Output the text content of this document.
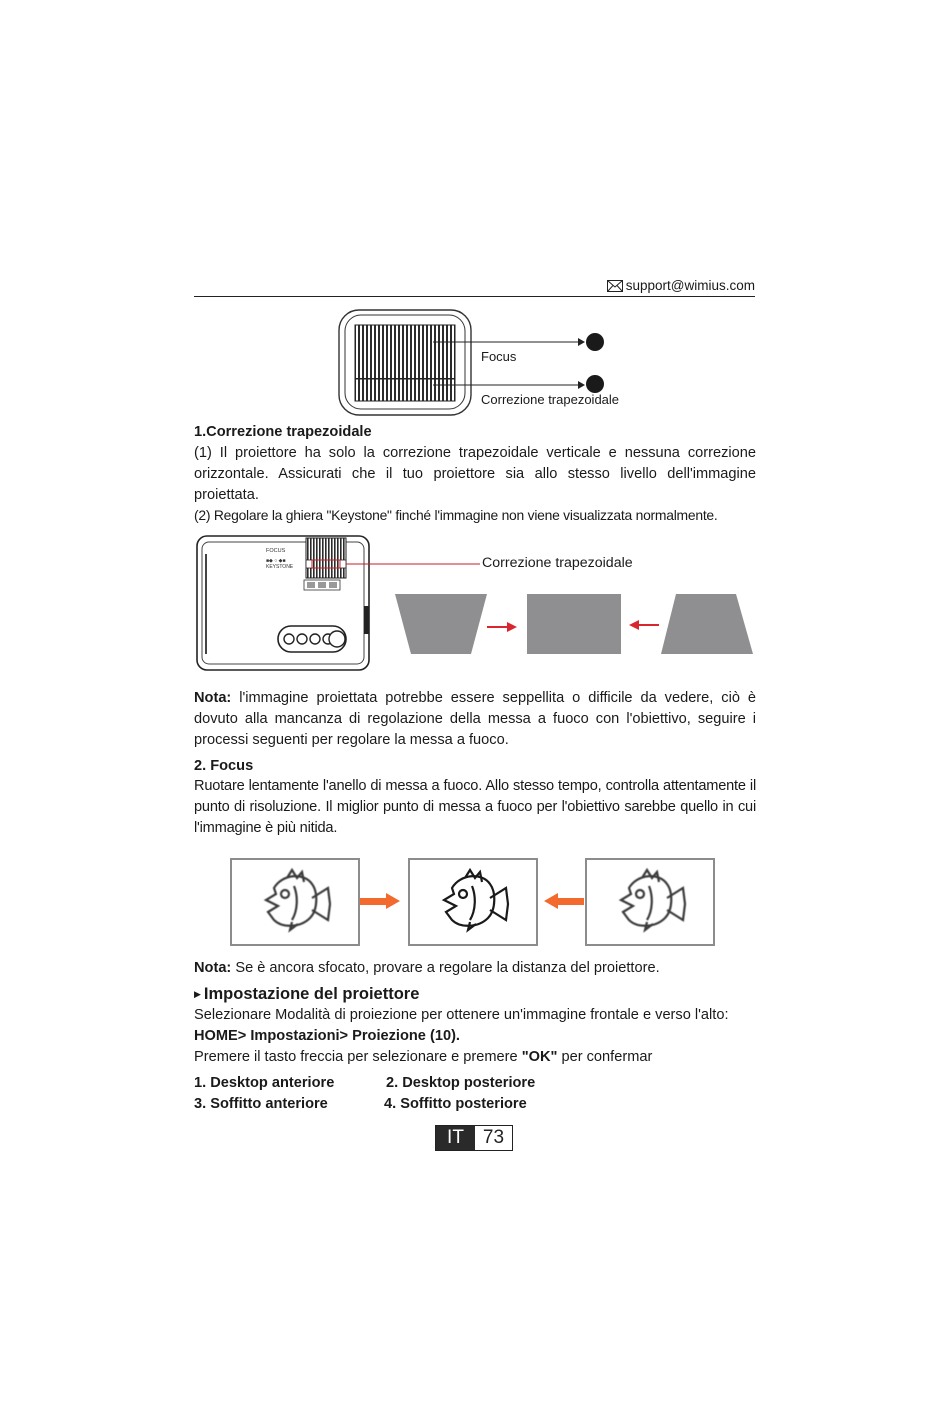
support@wimius.com
Focus
Correzione trapezoidale
1.Correzione trapezoidale

(1) Il proiettore ha solo la correzione trapezoidale verticale e nessuna correzione orizzontale. Assicurati che il tuo proiettore sia allo stesso livello dell'immagine proiettata.

(2) Regolare la ghiera "Keystone" finché l'immagine non viene visualizzata normalmente.

FOCUS
KEYSTONE
■◆ ○ ◆■	Correzione trapezoidale

Nota: l'immagine proiettata potrebbe essere seppellita o difficile da vedere, ciò è dovuto alla mancanza di regolazione della messa a fuoco con l'obiettivo, seguire i processi seguenti per regolare la messa a fuoco.

2. Focus

Ruotare lentamente l'anello di messa a fuoco. Allo stesso tempo, controlla attentamente il punto di risoluzione. Il miglior punto di messa a fuoco per l'obiettivo sarebbe quello in cui l'immagine è più nitida.

Nota: Se è ancora sfocato, provare a regolare la distanza del proiettore.

▶ Impostazione del proiettore

Selezionare Modalità di proiezione per ottenere un'immagine frontale e verso l'alto:

HOME> Impostazioni> Proiezione (10).

Premere il tasto freccia per selezionare e premere "OK" per confermar

1. Desktop anteriore	2. Desktop posteriore
3. Soffitto anteriore	4. Soffitto posteriore
IT 73
